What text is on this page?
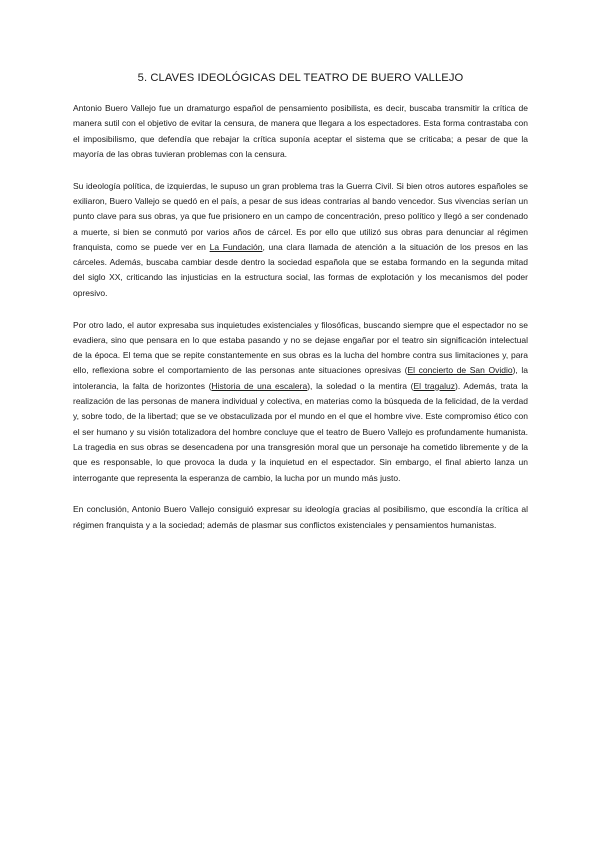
5. CLAVES IDEOLÓGICAS DEL TEATRO DE BUERO VALLEJO

Antonio Buero Vallejo fue un dramaturgo español de pensamiento posibilista, es decir, buscaba transmitir la crítica de manera sutil con el objetivo de evitar la censura, de manera que llegara a los espectadores. Esta forma contrastaba con el imposibilismo, que defendía que rebajar la crítica suponía aceptar el sistema que se criticaba; a pesar de que la mayoría de las obras tuvieran problemas con la censura.

Su ideología política, de izquierdas, le supuso un gran problema tras la Guerra Civil. Si bien otros autores españoles se exiliaron, Buero Vallejo se quedó en el país, a pesar de sus ideas contrarias al bando vencedor. Sus vivencias serían un punto clave para sus obras, ya que fue prisionero en un campo de concentración, preso político y llegó a ser condenado a muerte, si bien se conmutó por varios años de cárcel. Es por ello que utilizó sus obras para denunciar al régimen franquista, como se puede ver en La Fundación, una clara llamada de atención a la situación de los presos en las cárceles. Además, buscaba cambiar desde dentro la sociedad española que se estaba formando en la segunda mitad del siglo XX, criticando las injusticias en la estructura social, las formas de explotación y los mecanismos del poder opresivo.

Por otro lado, el autor expresaba sus inquietudes existenciales y filosóficas, buscando siempre que el espectador no se evadiera, sino que pensara en lo que estaba pasando y no se dejase engañar por el teatro sin significación intelectual de la época. El tema que se repite constantemente en sus obras es la lucha del hombre contra sus limitaciones y, para ello, reflexiona sobre el comportamiento de las personas ante situaciones opresivas (El concierto de San Ovidio), la intolerancia, la falta de horizontes (Historia de una escalera), la soledad o la mentira (El tragaluz). Además, trata la realización de las personas de manera individual y colectiva, en materias como la búsqueda de la felicidad, de la verdad y, sobre todo, de la libertad; que se ve obstaculizada por el mundo en el que el hombre vive. Este compromiso ético con el ser humano y su visión totalizadora del hombre concluye que el teatro de Buero Vallejo es profundamente humanista. La tragedia en sus obras se desencadena por una transgresión moral que un personaje ha cometido libremente y de la que es responsable, lo que provoca la duda y la inquietud en el espectador. Sin embargo, el final abierto lanza un interrogante que representa la esperanza de cambio, la lucha por un mundo más justo.

En conclusión, Antonio Buero Vallejo consiguió expresar su ideología gracias al posibilismo, que escondía la crítica al régimen franquista y a la sociedad; además de plasmar sus conflictos existenciales y pensamientos humanistas.
